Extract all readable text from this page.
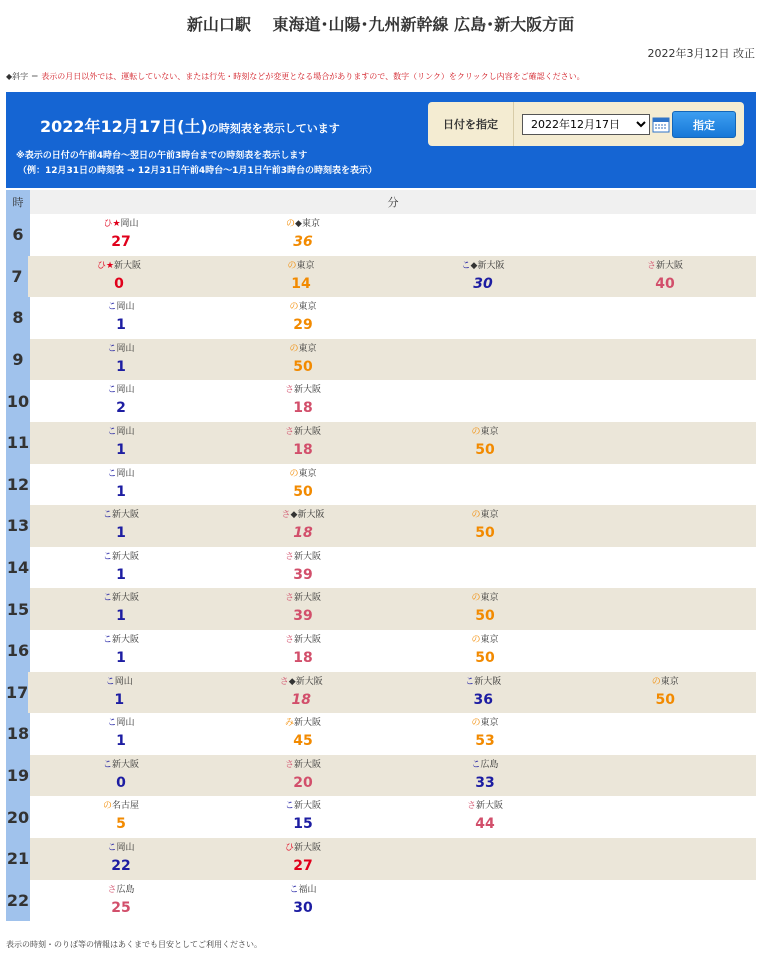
新山口駅　 東海道･山陽･九州新幹線 広島･新大阪方面
2022年3月12日 改正
◆斜字 ＝ 表示の月日以外では、運転していない、または行先・時刻などが変更となる場合がありますので、数字（リンク）をクリックし内容をご確認ください。
2022年12月17日(土)の時刻表を表示しています
※表示の日付の午前4時台～翌日の午前3時台までの時刻表を表示します
（例：12月31日の時刻表 → 12月31日午前4時台～1月1日午前3時台の時刻表を表示）
日付を指定
2022年12月17日	指定
時	分
6
ひ★岡山
27
の◆東京
36
7
ひ★新大阪
0
の東京
14
こ◆新大阪
30
さ新大阪
40
8
こ岡山
1
の東京
29
9
こ岡山
1
の東京
50
10
こ岡山
2
さ新大阪
18
11
こ岡山
1
さ新大阪
18
の東京
50
12
こ岡山
1
の東京
50
13
こ新大阪
1
さ◆新大阪
18
の東京
50
14
こ新大阪
1
さ新大阪
39
15
こ新大阪
1
さ新大阪
39
の東京
50
16
こ新大阪
1
さ新大阪
18
の東京
50
17
こ岡山
1
さ◆新大阪
18
こ新大阪
36
の東京
50
18
こ岡山
1
み新大阪
45
の東京
53
19
こ新大阪
0
さ新大阪
20
こ広島
33
20
の名古屋
5
こ新大阪
15
さ新大阪
44
21
こ岡山
22
ひ新大阪
27
22
さ広島
25
こ福山
30
表示の時刻・のりば等の情報はあくまでも目安としてご利用ください。
